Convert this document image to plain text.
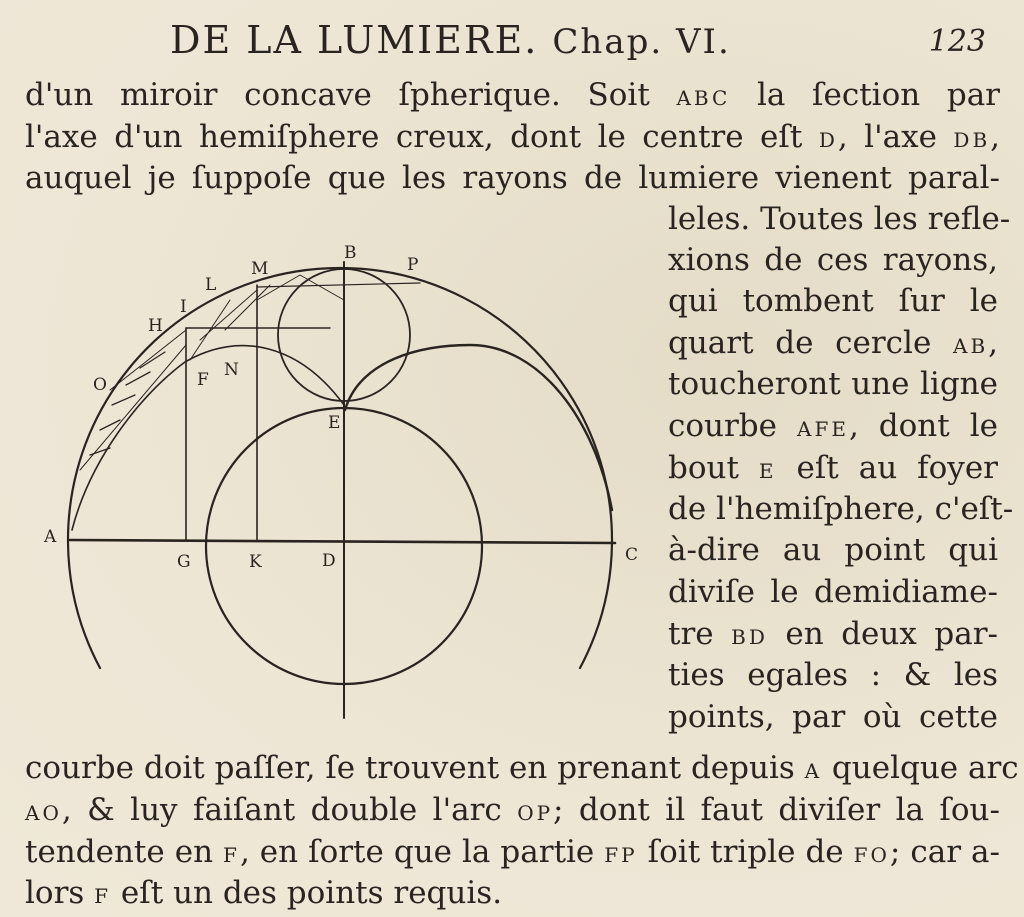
DE LA LUMIERE. Chap. VI.	123
d'un miroir concave ſpherique. Soit ABC la ſection par
l'axe d'un hemiſphere creux, dont le centre eſt D, l'axe DB,
auquel je ſuppoſe que les rayons de lumiere vienent paral-
leles. Toutes les refle-
xions de ces rayons,
qui tombent ſur le
quart de cercle AB,
toucheront une ligne
courbe AFE, dont le
bout E eſt au foyer
de l'hemiſphere, c'eſt-
à-dire au point qui
diviſe le demidiame-
tre BD en deux par-
ties egales : & les
points, par où cette
courbe doit paſſer, ſe trouvent en prenant depuis A quelque arc
AO, & luy faiſant double l'arc OP; dont il faut diviſer la ſou-
tendente en F, en ſorte que la partie FP ſoit triple de FO; car a-
lors F eſt un des points requis.
A
B
C
D
E
F
G
H
I
K
L
M
N
O
P
